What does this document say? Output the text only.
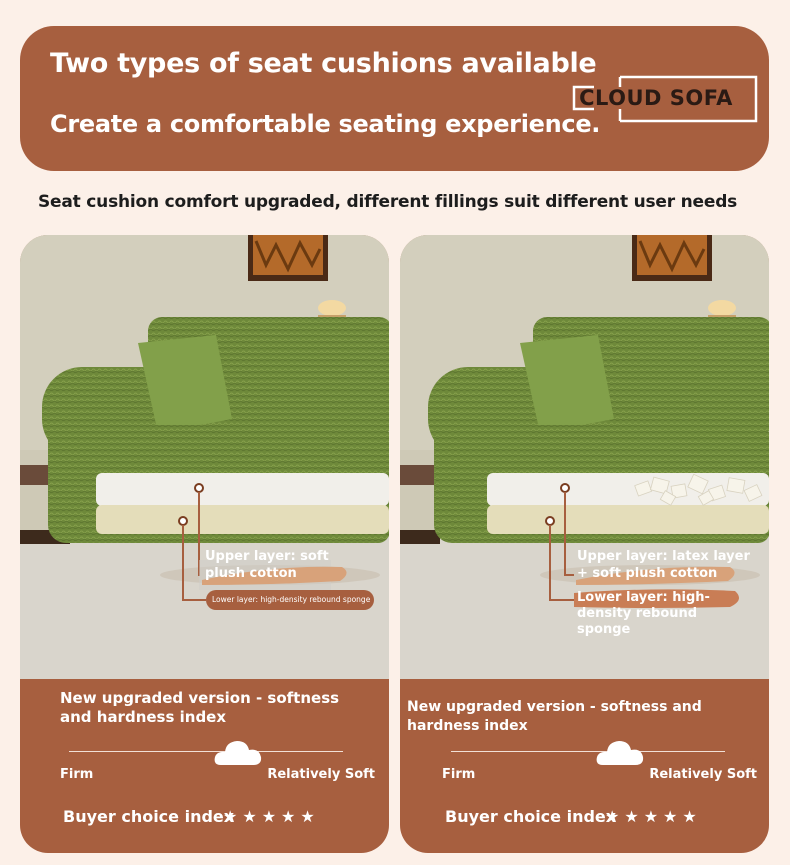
Two types of seat cushions available
Create a comfortable seating experience.
CLOUD SOFA
Seat cushion comfort upgraded, different fillings suit different user needs
Upper layer: soft plush cotton
Lower layer: high-density rebound sponge
New upgraded version - softness and hardness index
Firm	Relatively Soft
Buyer choice index
★★★★★
Upper layer: latex layer + soft plush cotton
Lower layer: high-density rebound sponge
New upgraded version - softness and hardness index
Firm	Relatively Soft
Buyer choice index
★★★★★
